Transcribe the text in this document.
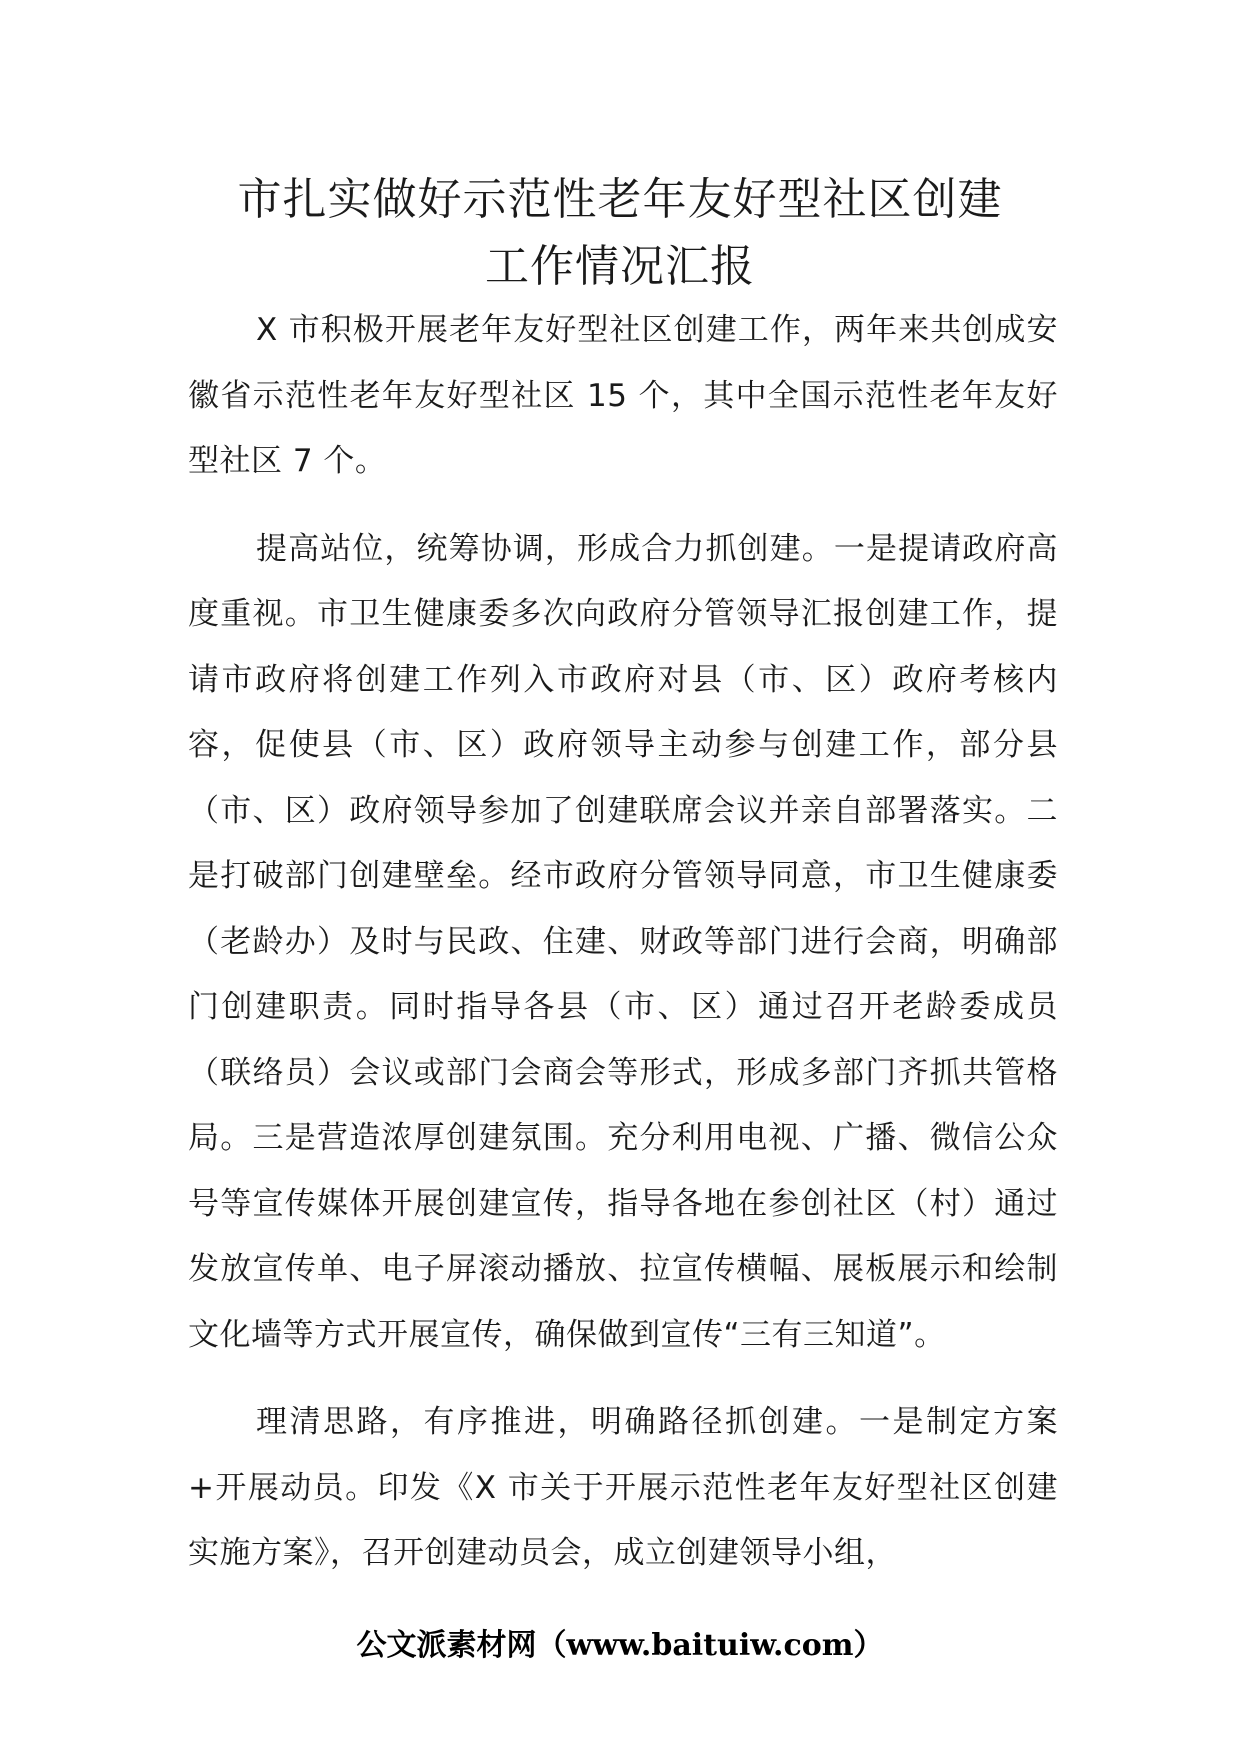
市扎实做好示范性老年友好型社区创建
工作情况汇报

X 市积极开展老年友好型社区创建工作，两年来共创成安徽省示范性老年友好型社区 15 个，其中全国示范性老年友好型社区 7 个。

提高站位，统筹协调，形成合力抓创建。一是提请政府高度重视。市卫生健康委多次向政府分管领导汇报创建工作，提请市政府将创建工作列入市政府对县（市、区）政府考核内容，促使县（市、区）政府领导主动参与创建工作，部分县（市、区）政府领导参加了创建联席会议并亲自部署落实。二是打破部门创建壁垒。经市政府分管领导同意，市卫生健康委（老龄办）及时与民政、住建、财政等部门进行会商，明确部门创建职责。同时指导各县（市、区）通过召开老龄委成员（联络员）会议或部门会商会等形式，形成多部门齐抓共管格局。三是营造浓厚创建氛围。充分利用电视、广播、微信公众号等宣传媒体开展创建宣传，指导各地在参创社区（村）通过发放宣传单、电子屏滚动播放、拉宣传横幅、展板展示和绘制文化墙等方式开展宣传，确保做到宣传“三有三知道”。

理清思路，有序推进，明确路径抓创建。一是制定方案+开展动员。印发《X 市关于开展示范性老年友好型社区创建实施方案》，召开创建动员会，成立创建领导小组，

公文派素材网（www.baituiw.com）
